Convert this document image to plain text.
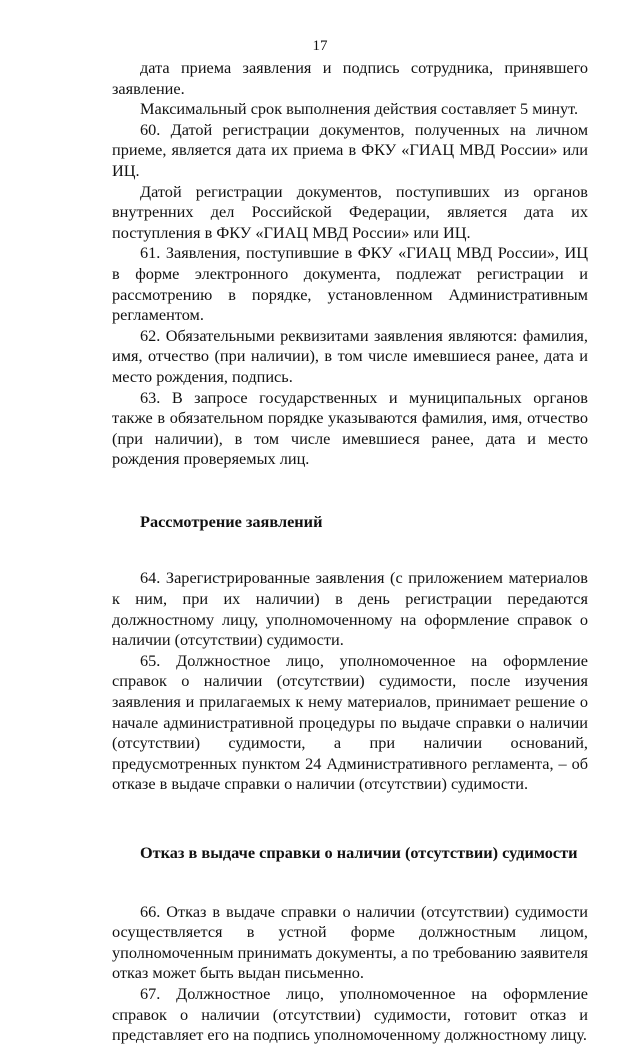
17

дата приема заявления и подпись сотрудника, принявшего заявление.

Максимальный срок выполнения действия составляет 5 минут.

60. Датой регистрации документов, полученных на личном приеме, является дата их приема в ФКУ «ГИАЦ МВД России» или ИЦ.

Датой регистрации документов, поступивших из органов внутренних дел Российской Федерации, является дата их поступления в ФКУ «ГИАЦ МВД России» или ИЦ.

61. Заявления, поступившие в ФКУ «ГИАЦ МВД России», ИЦ в форме электронного документа, подлежат регистрации и рассмотрению в порядке, установленном Административным регламентом.

62. Обязательными реквизитами заявления являются: фамилия, имя, отчество (при наличии), в том числе имевшиеся ранее, дата и место рождения, подпись.

63. В запросе государственных и муниципальных органов также в обязательном порядке указываются фамилия, имя, отчество (при наличии), в том числе имевшиеся ранее, дата и место рождения проверяемых лиц.

Рассмотрение заявлений

64. Зарегистрированные заявления (с приложением материалов к ним, при их наличии) в день регистрации передаются должностному лицу, уполномоченному на оформление справок о наличии (отсутствии) судимости.

65. Должностное лицо, уполномоченное на оформление справок о наличии (отсутствии) судимости, после изучения заявления и прилагаемых к нему материалов, принимает решение о начале административной процедуры по выдаче справки о наличии (отсутствии) судимости, а при наличии оснований, предусмотренных пунктом 24 Административного регламента, – об отказе в выдаче справки о наличии (отсутствии) судимости.

Отказ в выдаче справки о наличии (отсутствии) судимости

66. Отказ в выдаче справки о наличии (отсутствии) судимости осуществляется в устной форме должностным лицом, уполномоченным принимать документы, а по требованию заявителя отказ может быть выдан письменно.

67. Должностное лицо, уполномоченное на оформление справок о наличии (отсутствии) судимости, готовит отказ и представляет его на подпись уполномоченному должностному лицу.
